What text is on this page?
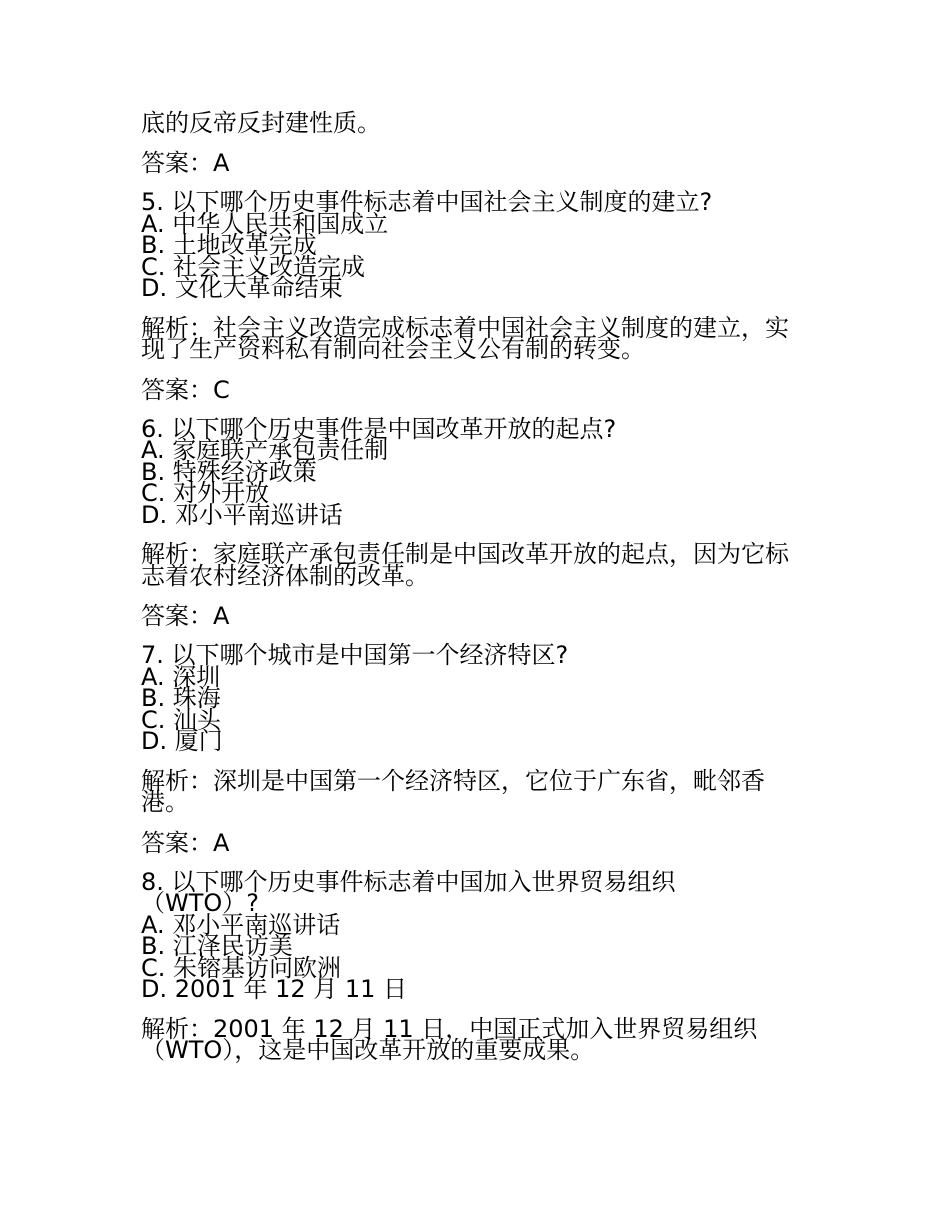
底的反帝反封建性质。

答案：A

5. 以下哪个历史事件标志着中国社会主义制度的建立?

A. 中华人民共和国成立

B. 土地改革完成

C. 社会主义改造完成

D. 文化大革命结束

解析：社会主义改造完成标志着中国社会主义制度的建立，实

现了生产资料私有制向社会主义公有制的转变。

答案：C

6. 以下哪个历史事件是中国改革开放的起点?

A. 家庭联产承包责任制

B. 特殊经济政策

C. 对外开放

D. 邓小平南巡讲话

解析：家庭联产承包责任制是中国改革开放的起点，因为它标

志着农村经济体制的改革。

答案：A

7. 以下哪个城市是中国第一个经济特区?

A. 深圳

B. 珠海

C. 汕头

D. 厦门

解析：深圳是中国第一个经济特区，它位于广东省，毗邻香

港。

答案：A

8. 以下哪个历史事件标志着中国加入世界贸易组织

（WTO）?

A. 邓小平南巡讲话

B. 江泽民访美

C. 朱镕基访问欧洲

D. 2001 年 12 月 11 日

解析：2001 年 12 月 11 日，中国正式加入世界贸易组织

（WTO），这是中国改革开放的重要成果。
